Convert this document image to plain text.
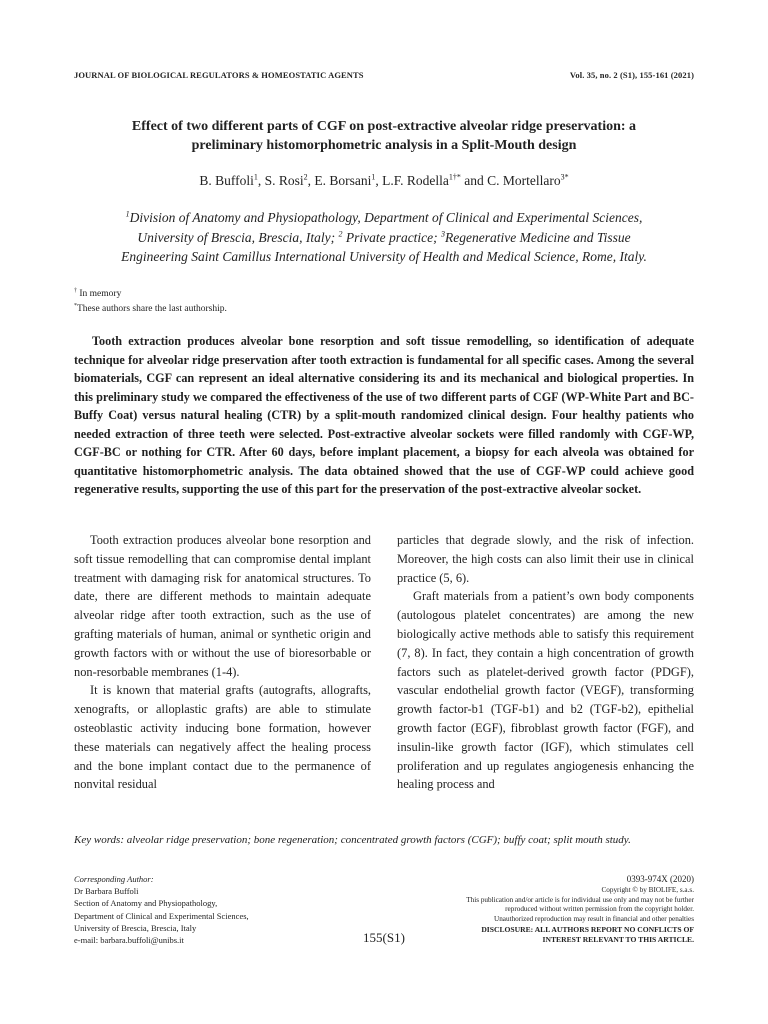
JOURNAL OF BIOLOGICAL REGULATORS & HOMEOSTATIC AGENTS	Vol. 35, no. 2 (S1), 155-161 (2021)
Effect of two different parts of CGF on post-extractive alveolar ridge preservation: a
preliminary histomorphometric analysis in a Split-Mouth design
B. Buffoli$^1$, S. Rosi$^2$, E. Borsani$^1$, L.F. Rodella$^{1\dagger*}$ and C. Mortellaro$^{3*}$
$^1$Division of Anatomy and Physiopathology, Department of Clinical and Experimental Sciences,
University of Brescia, Brescia, Italy; $^2$ Private practice; $^3$Regenerative Medicine and Tissue
Engineering Saint Camillus International University of Health and Medical Science, Rome, Italy.
† In memory
*These authors share the last authorship.
Tooth extraction produces alveolar bone resorption and soft tissue remodelling, so identification of adequate technique for alveolar ridge preservation after tooth extraction is fundamental for all specific cases. Among the several biomaterials, CGF can represent an ideal alternative considering its and its mechanical and biological properties. In this preliminary study we compared the effectiveness of the use of two different parts of CGF (WP-White Part and BC-Buffy Coat) versus natural healing (CTR) by a split-mouth randomized clinical design. Four healthy patients who needed extraction of three teeth were selected. Post-extractive alveolar sockets were filled randomly with CGF-WP, CGF-BC or nothing for CTR. After 60 days, before implant placement, a biopsy for each alveola was obtained for quantitative histomorphometric analysis. The data obtained showed that the use of CGF-WP could achieve good regenerative results, supporting the use of this part for the preservation of the post-extractive alveolar socket.

Tooth extraction produces alveolar bone resorption and soft tissue remodelling that can compromise dental implant treatment with damaging risk for anatomical structures. To date, there are different methods to maintain adequate alveolar ridge after tooth extraction, such as the use of grafting materials of human, animal or synthetic origin and growth factors with or without the use of bioresorbable or non-resorbable membranes (1-4).

It is known that material grafts (autografts, allografts, xenografts, or alloplastic grafts) are able to stimulate osteoblastic activity inducing bone formation, however these materials can negatively affect the healing process and the bone implant contact due to the permanence of nonvital residual

particles that degrade slowly, and the risk of infection. Moreover, the high costs can also limit their use in clinical practice (5, 6).

Graft materials from a patient’s own body components (autologous platelet concentrates) are among the new biologically active methods able to satisfy this requirement (7, 8). In fact, they contain a high concentration of growth factors such as platelet-derived growth factor (PDGF), vascular endothelial growth factor (VEGF), transforming growth factor-b1 (TGF-b1) and b2 (TGF-b2), epithelial growth factor (EGF), fibroblast growth factor (FGF), and insulin-like growth factor (IGF), which stimulates cell proliferation and up regulates angiogenesis enhancing the healing process and

Key words: alveolar ridge preservation; bone regeneration; concentrated growth factors (CGF); buffy coat; split mouth study.
Corresponding Author:
Dr Barbara Buffoli
Section of Anatomy and Physiopathology,
Department of Clinical and Experimental Sciences,
University of Brescia, Brescia, Italy
e-mail: barbara.buffoli@unibs.it	155(S1)
0393-974X (2020)
Copyright © by BIOLIFE, s.a.s.
This publication and/or article is for individual use only and may not be further
reproduced without written permission from the copyright holder.
Unauthorized reproduction may result in financial and other penalties
DISCLOSURE: ALL AUTHORS REPORT NO CONFLICTS OF
INTEREST RELEVANT TO THIS ARTICLE.
